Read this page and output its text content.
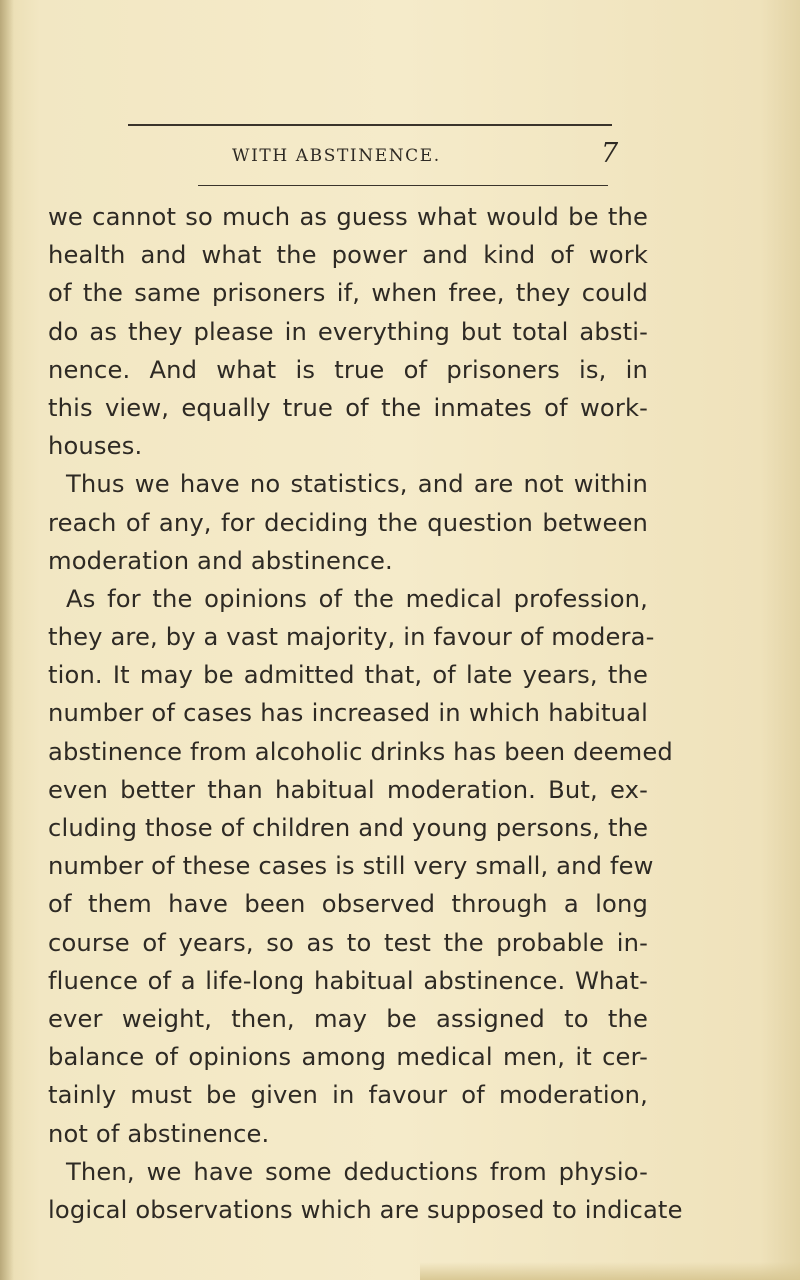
WITH ABSTINENCE.	7
we cannot so much as guess what would be the
health and what the power and kind of work
of the same prisoners if, when free, they could
do as they please in everything but total absti-
nence. And what is true of prisoners is, in
this view, equally true of the inmates of work-
houses.
Thus we have no statistics, and are not within
reach of any, for deciding the question between
moderation and abstinence.
As for the opinions of the medical profession,
they are, by a vast majority, in favour of modera-
tion. It may be admitted that, of late years, the
number of cases has increased in which habitual
abstinence from alcoholic drinks has been deemed
even better than habitual moderation. But, ex-
cluding those of children and young persons, the
number of these cases is still very small, and few
of them have been observed through a long
course of years, so as to test the probable in-
fluence of a life-long habitual abstinence. What-
ever weight, then, may be assigned to the
balance of opinions among medical men, it cer-
tainly must be given in favour of moderation,
not of abstinence.
Then, we have some deductions from physio-
logical observations which are supposed to indicate
